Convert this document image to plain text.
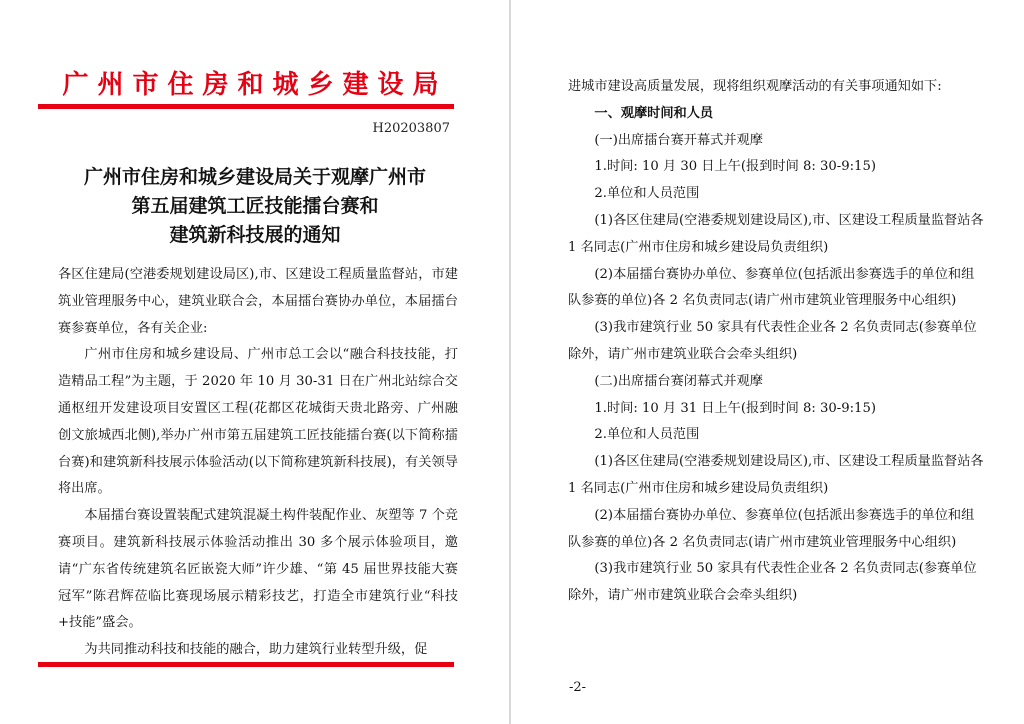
广州市住房和城乡建设局
H20203807
广州市住房和城乡建设局关于观摩广州市
第五届建筑工匠技能擂台赛和
建筑新科技展的通知

各区住建局(空港委规划建设局区),市、区建设工程质量监督站，市建筑业管理服务中心，建筑业联合会，本届擂台赛协办单位，本届擂台赛参赛单位，各有关企业:

广州市住房和城乡建设局、广州市总工会以“融合科技技能，打造精品工程”为主题，于 2020 年 10 月 30-31 日在广州北站综合交通枢纽开发建设项目安置区工程(花都区花城街天贵北路旁、广州融创文旅城西北侧),举办广州市第五届建筑工匠技能擂台赛(以下简称擂台赛)和建筑新科技展示体验活动(以下简称建筑新科技展)，有关领导将出席。

本届擂台赛设置装配式建筑混凝土构件装配作业、灰塑等 7 个竞赛项目。建筑新科技展示体验活动推出 30 多个展示体验项目，邀请“广东省传统建筑名匠嵌瓷大师”许少雄、“第 45 届世界技能大赛冠军”陈君辉莅临比赛现场展示精彩技艺，打造全市建筑行业“科技+技能”盛会。

为共同推动科技和技能的融合，助力建筑行业转型升级，促

进城市建设高质量发展，现将组织观摩活动的有关事项通知如下:

一、观摩时间和人员

(一)出席擂台赛开幕式并观摩

1.时间: 10 月 30 日上午(报到时间 8: 30-9:15)

2.单位和人员范围

(1)各区住建局(空港委规划建设局区),市、区建设工程质量监督站各 1 名同志(广州市住房和城乡建设局负责组织)

(2)本届擂台赛协办单位、参赛单位(包括派出参赛选手的单位和组队参赛的单位)各 2 名负责同志(请广州市建筑业管理服务中心组织)

(3)我市建筑行业 50 家具有代表性企业各 2 名负责同志(参赛单位除外，请广州市建筑业联合会牵头组织)

(二)出席擂台赛闭幕式并观摩

1.时间: 10 月 31 日上午(报到时间 8: 30-9:15)

2.单位和人员范围

(1)各区住建局(空港委规划建设局区),市、区建设工程质量监督站各 1 名同志(广州市住房和城乡建设局负责组织)

(2)本届擂台赛协办单位、参赛单位(包括派出参赛选手的单位和组队参赛的单位)各 2 名负责同志(请广州市建筑业管理服务中心组织)

(3)我市建筑行业 50 家具有代表性企业各 2 名负责同志(参赛单位除外，请广州市建筑业联合会牵头组织)

-2-
